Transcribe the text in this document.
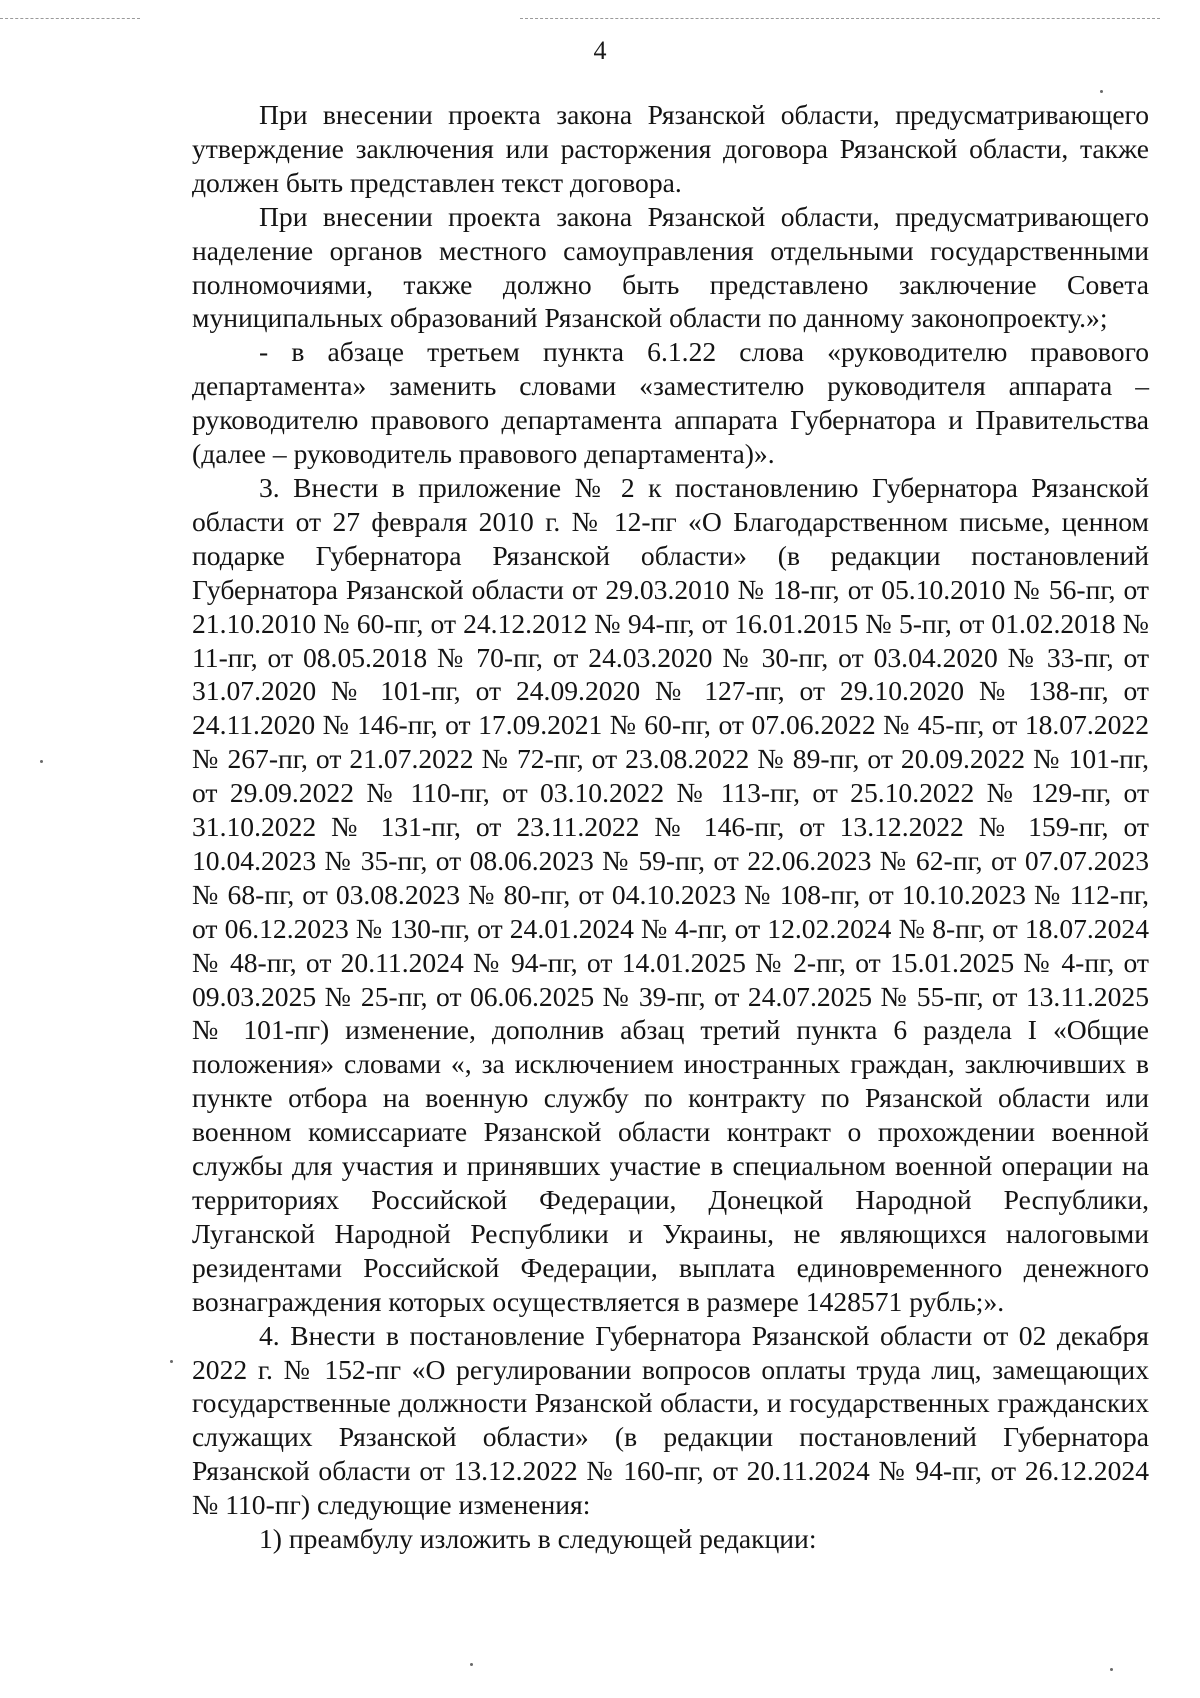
4

При внесении проекта закона Рязанской области, предусматривающего утверждение заключения или расторжения договора Рязанской области, также должен быть представлен текст договора.

При внесении проекта закона Рязанской области, предусматривающего наделение органов местного самоуправления отдельными государственными полномочиями, также должно быть представлено заключение Совета муниципальных образований Рязанской области по данному законопроекту.»;

- в абзаце третьем пункта 6.1.22 слова «руководителю правового департамента» заменить словами «заместителю руководителя аппарата – руководителю правового департамента аппарата Губернатора и Правительства (далее – руководитель правового департамента)».

3. Внести в приложение № 2 к постановлению Губернатора Рязанской области от 27 февраля 2010 г. № 12-пг «О Благодарственном письме, ценном подарке Губернатора Рязанской области» (в редакции постановлений Губернатора Рязанской области от 29.03.2010 № 18-пг, от 05.10.2010 № 56-пг, от 21.10.2010 № 60-пг, от 24.12.2012 № 94-пг, от 16.01.2015 № 5-пг, от 01.02.2018 № 11-пг, от 08.05.2018 № 70-пг, от 24.03.2020 № 30-пг, от 03.04.2020 № 33-пг, от 31.07.2020 № 101-пг, от 24.09.2020 № 127-пг, от 29.10.2020 № 138-пг, от 24.11.2020 № 146-пг, от 17.09.2021 № 60-пг, от 07.06.2022 № 45-пг, от 18.07.2022 № 267-пг, от 21.07.2022 № 72-пг, от 23.08.2022 № 89-пг, от 20.09.2022 № 101-пг, от 29.09.2022 № 110-пг, от 03.10.2022 № 113-пг, от 25.10.2022 № 129-пг, от 31.10.2022 № 131-пг, от 23.11.2022 № 146-пг, от 13.12.2022 № 159-пг, от 10.04.2023 № 35-пг, от 08.06.2023 № 59-пг, от 22.06.2023 № 62-пг, от 07.07.2023 № 68-пг, от 03.08.2023 № 80-пг, от 04.10.2023 № 108-пг, от 10.10.2023 № 112-пг, от 06.12.2023 № 130-пг, от 24.01.2024 № 4-пг, от 12.02.2024 № 8-пг, от 18.07.2024 № 48-пг, от 20.11.2024 № 94-пг, от 14.01.2025 № 2-пг, от 15.01.2025 № 4-пг, от 09.03.2025 № 25-пг, от 06.06.2025 № 39-пг, от 24.07.2025 № 55-пг, от 13.11.2025 № 101-пг) изменение, дополнив абзац третий пункта 6 раздела I «Общие положения» словами «, за исключением иностранных граждан, заключивших в пункте отбора на военную службу по контракту по Рязанской области или военном комиссариате Рязанской области контракт о прохождении военной службы для участия и принявших участие в специальном военной операции на территориях Российской Федерации, Донецкой Народной Республики, Луганской Народной Республики и Украины, не являющихся налоговыми резидентами Российской Федерации, выплата единовременного денежного вознаграждения которых осуществляется в размере 1428571 рубль;».

4. Внести в постановление Губернатора Рязанской области от 02 декабря 2022 г. № 152-пг «О регулировании вопросов оплаты труда лиц, замещающих государственные должности Рязанской области, и государственных гражданских служащих Рязанской области» (в редакции постановлений Губернатора Рязанской области от 13.12.2022 № 160-пг, от 20.11.2024 № 94-пг, от 26.12.2024 № 110-пг) следующие изменения:

1) преамбулу изложить в следующей редакции:
